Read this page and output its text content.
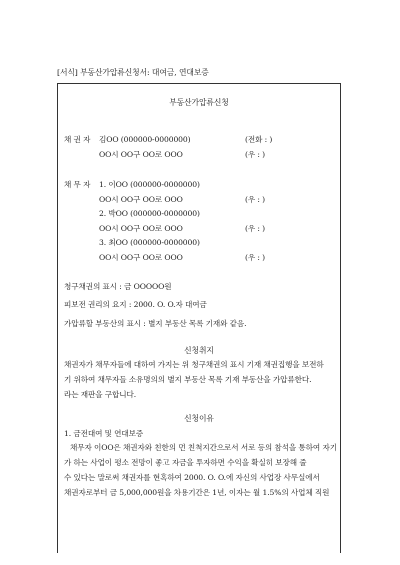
[서식] 부동산가압류신청서: 대여금, 연대보증
부동산가압류신청
채 권 자 김OO (000000-0000000)	(전화 : )
OO시 OO구 OO로 OOO	(우 : )
채 무 자 1. 이OO (000000-0000000)
OO시 OO구 OO로 OOO	(우 : )
2. 박OO (000000-0000000)
OO시 OO구 OO로 OOO	(우 : )
3. 최OO (000000-0000000)
OO시 OO구 OO로 OOO	(우 : )
청구채권의 표시 : 금 OOOOO원
피보전 권리의 요지 : 2000. O. O.자 대여금
가압류할 부동산의 표시 : 별지 부동산 목록 기재와 같음.
신청취지
채권자가 채무자들에 대하여 가지는 위 청구채권의 표시 기재 채권집행을 보전하
기 위하여 채무자들 소유명의의 별지 부동산 목록 기재 부동산을 가압류한다.
라는 재판을 구합니다.
신청이유
1. 금전대여 및 연대보증
채무자 이OO은 채권자와 친한의 먼 친척지간으로서 서로 등의 참석을 통하여 자기
가 하는 사업이 평소 전망이 좋고 자금을 투자하면 수익을 확실히 보장해 줄
수 있다는 말로써 채권자를 현혹하여 2000. O. O.에 자신의 사업장 사무실에서
채권자로부터 금 5,000,000원을 차용기간은 1년, 이자는 월 1.5%의 사업체 직원
